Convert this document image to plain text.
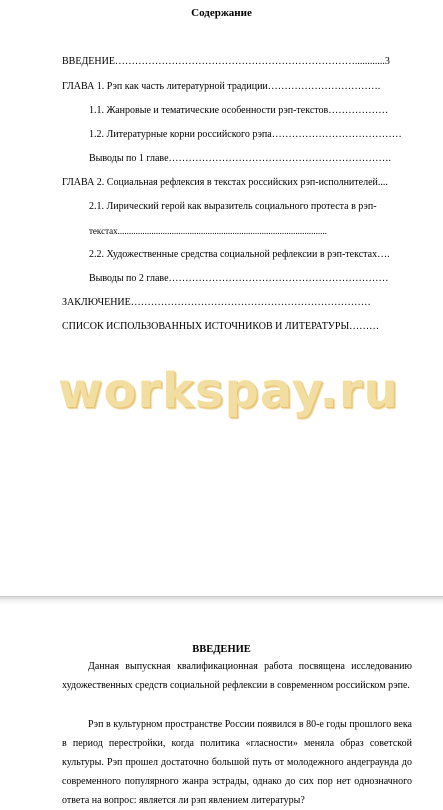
Содержание
ВВЕДЕНИЕ………………………………………………………………............3
ГЛАВА 1. Рэп как часть литературной традиции…………………………….
1.1. Жанровые и тематические особенности рэп-текстов………………
1.2. Литературные корни российского рэпа…………………………………
Выводы по 1 главе………………………………………………………….
ГЛАВА 2. Социальная рефлексия в текстах российских рэп-исполнителей....
2.1. Лирический герой как выразитель социального протеста в рэп-
текстах.............................................................................................
2.2. Художественные средства социальной рефлексии в рэп-текстах….
Выводы по 2 главе…………………………………………………………
ЗАКЛЮЧЕНИЕ………………………………………………………………
СПИСОК ИСПОЛЬЗОВАННЫХ ИСТОЧНИКОВ И ЛИТЕРАТУРЫ………
workspay.ru
ВВЕДЕНИЕ
Данная выпускная квалификационная работа посвящена исследованию художественных средств социальной рефлексии в современном российском рэпе.
Рэп в культурном пространстве России появился в 80-е годы прошлого века в период перестройки, когда политика «гласности» меняла образ советской культуры. Рэп прошел достаточно большой путь от молодежного андеграунда до современного популярного жанра эстрады, однако до сих пор нет однозначного ответа на вопрос: является ли рэп явлением литературы?
